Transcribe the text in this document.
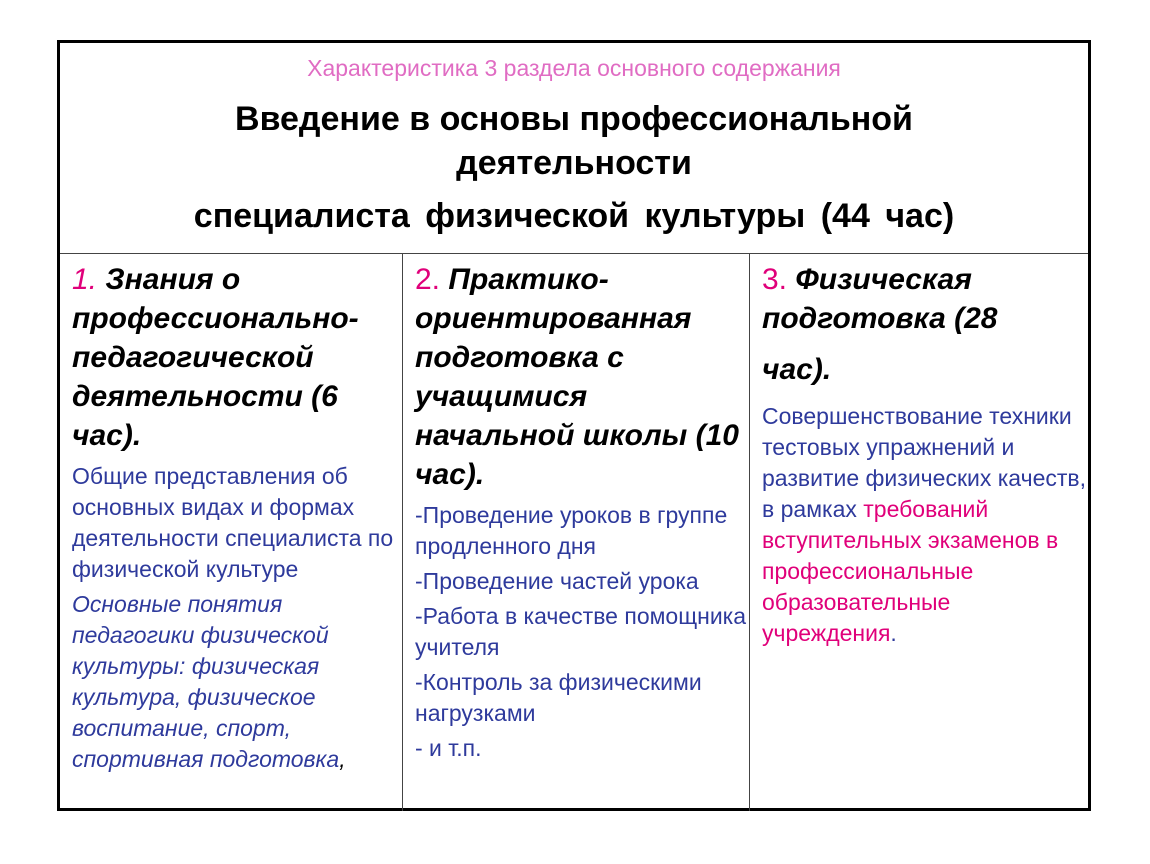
Характеристика 3 раздела основного содержания
Введение в основы профессиональной
деятельности
специалиста физической культуры (44 час)
1. Знания о профессионально-педагогической деятельности (6 час).
Общие представления об основных видах и формах деятельности специалиста по физической культуре
Основные понятия педагогики физической культуры: физическая культура, физическое воспитание, спорт, спортивная подготовка,
2. Практико-ориентированная подготовка с учащимися начальной школы (10 час).
-Проведение уроков в группе продленного дня
-Проведение частей урока
-Работа в качестве помощника учителя
-Контроль за физическими нагрузками
- и т.п.
3. Физическая подготовка (28
час).
Совершенствование техники тестовых упражнений и развитие физических качеств, в рамках требований вступительных экзаменов в профессиональные образовательные учреждения.
